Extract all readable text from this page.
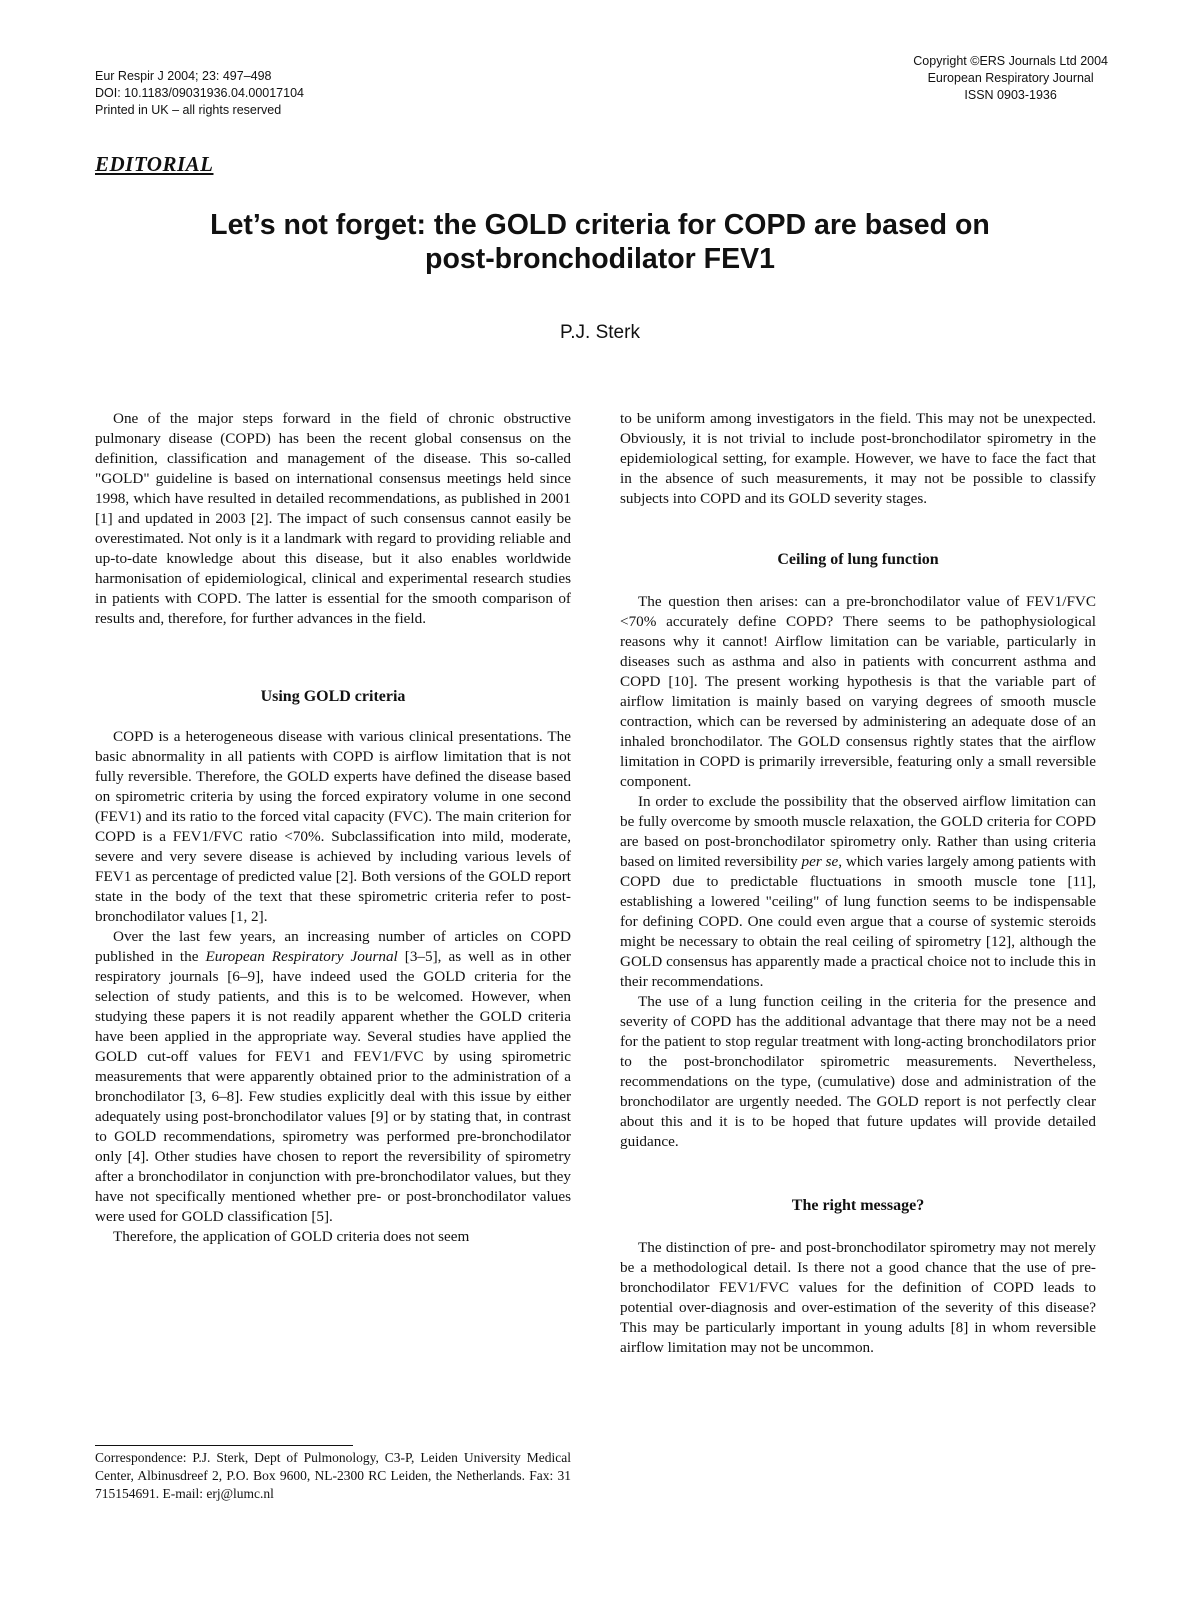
Eur Respir J 2004; 23: 497–498
DOI: 10.1183/09031936.04.00017104
Printed in UK – all rights reserved
Copyright ©ERS Journals Ltd 2004
European Respiratory Journal
ISSN 0903-1936
EDITORIAL
Let’s not forget: the GOLD criteria for COPD are based on
post-bronchodilator FEV1
P.J. Sterk

One of the major steps forward in the field of chronic obstructive pulmonary disease (COPD) has been the recent global consensus on the definition, classification and management of the disease. This so-called "GOLD" guideline is based on international consensus meetings held since 1998, which have resulted in detailed recommendations, as published in 2001 [1] and updated in 2003 [2]. The impact of such consensus cannot easily be overestimated. Not only is it a landmark with regard to providing reliable and up-to-date knowledge about this disease, but it also enables worldwide harmonisation of epidemiological, clinical and experimental research studies in patients with COPD. The latter is essential for the smooth comparison of results and, therefore, for further advances in the field.

Using GOLD criteria

COPD is a heterogeneous disease with various clinical presentations. The basic abnormality in all patients with COPD is airflow limitation that is not fully reversible. Therefore, the GOLD experts have defined the disease based on spirometric criteria by using the forced expiratory volume in one second (FEV1) and its ratio to the forced vital capacity (FVC). The main criterion for COPD is a FEV1/FVC ratio <70%. Subclassification into mild, moderate, severe and very severe disease is achieved by including various levels of FEV1 as percentage of predicted value [2]. Both versions of the GOLD report state in the body of the text that these spirometric criteria refer to post-bronchodilator values [1, 2].

Over the last few years, an increasing number of articles on COPD published in the European Respiratory Journal [3–5], as well as in other respiratory journals [6–9], have indeed used the GOLD criteria for the selection of study patients, and this is to be welcomed. However, when studying these papers it is not readily apparent whether the GOLD criteria have been applied in the appropriate way. Several studies have applied the GOLD cut-off values for FEV1 and FEV1/FVC by using spirometric measurements that were apparently obtained prior to the administration of a bronchodilator [3, 6–8]. Few studies explicitly deal with this issue by either adequately using post-bronchodilator values [9] or by stating that, in contrast to GOLD recommendations, spirometry was performed pre-bronchodilator only [4]. Other studies have chosen to report the reversibility of spirometry after a bronchodilator in conjunction with pre-bronchodilator values, but they have not specifically mentioned whether pre- or post-bronchodilator values were used for GOLD classification [5].

Therefore, the application of GOLD criteria does not seem

Correspondence: P.J. Sterk, Dept of Pulmonology, C3-P, Leiden University Medical Center, Albinusdreef 2, P.O. Box 9600, NL-2300 RC Leiden, the Netherlands. Fax: 31 715154691. E-mail: erj@lumc.nl

to be uniform among investigators in the field. This may not be unexpected. Obviously, it is not trivial to include post-bronchodilator spirometry in the epidemiological setting, for example. However, we have to face the fact that in the absence of such measurements, it may not be possible to classify subjects into COPD and its GOLD severity stages.

Ceiling of lung function

The question then arises: can a pre-bronchodilator value of FEV1/FVC <70% accurately define COPD? There seems to be pathophysiological reasons why it cannot! Airflow limitation can be variable, particularly in diseases such as asthma and also in patients with concurrent asthma and COPD [10]. The present working hypothesis is that the variable part of airflow limitation is mainly based on varying degrees of smooth muscle contraction, which can be reversed by administering an adequate dose of an inhaled bronchodilator. The GOLD consensus rightly states that the airflow limitation in COPD is primarily irreversible, featuring only a small reversible component.

In order to exclude the possibility that the observed airflow limitation can be fully overcome by smooth muscle relaxation, the GOLD criteria for COPD are based on post-bronchodilator spirometry only. Rather than using criteria based on limited reversibility per se, which varies largely among patients with COPD due to predictable fluctuations in smooth muscle tone [11], establishing a lowered "ceiling" of lung function seems to be indispensable for defining COPD. One could even argue that a course of systemic steroids might be necessary to obtain the real ceiling of spirometry [12], although the GOLD consensus has apparently made a practical choice not to include this in their recommendations.

The use of a lung function ceiling in the criteria for the presence and severity of COPD has the additional advantage that there may not be a need for the patient to stop regular treatment with long-acting bronchodilators prior to the post-bronchodilator spirometric measurements. Nevertheless, recommendations on the type, (cumulative) dose and administration of the bronchodilator are urgently needed. The GOLD report is not perfectly clear about this and it is to be hoped that future updates will provide detailed guidance.

The right message?

The distinction of pre- and post-bronchodilator spirometry may not merely be a methodological detail. Is there not a good chance that the use of pre-bronchodilator FEV1/FVC values for the definition of COPD leads to potential over-diagnosis and over-estimation of the severity of this disease? This may be particularly important in young adults [8] in whom reversible airflow limitation may not be uncommon.
